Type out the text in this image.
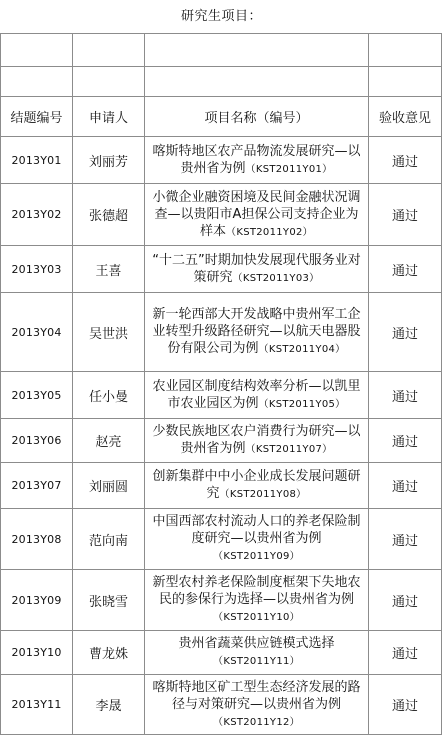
研究生项目：

结题编号	申请人	项目名称（编号）	验收意见
2013Y01	刘丽芳	喀斯特地区农产品物流发展研究—以贵州省为例（KST2011Y01）	通过
2013Y02	张德超	小微企业融资困境及民间金融状况调查—以贵阳市A担保公司支持企业为样本（KST2011Y02）	通过
2013Y03	王喜	“十二五”时期加快发展现代服务业对策研究（KST2011Y03）	通过
2013Y04	吴世洪	新一轮西部大开发战略中贵州军工企业转型升级路径研究—以航天电器股份有限公司为例（KST2011Y04）	通过
2013Y05	任小曼	农业园区制度结构效率分析—以凯里市农业园区为例（KST2011Y05）	通过
2013Y06	赵亮	少数民族地区农户消费行为研究—以贵州省为例（KST2011Y07）	通过
2013Y07	刘丽圆	创新集群中中小企业成长发展问题研究（KST2011Y08）	通过
2013Y08	范向南	中国西部农村流动人口的养老保险制度研究—以贵州省为例（KST2011Y09）	通过
2013Y09	张晓雪	新型农村养老保险制度框架下失地农民的参保行为选择—以贵州省为例（KST2011Y10）	通过
2013Y10	曹龙姝	贵州省蔬菜供应链模式选择（KST2011Y11）	通过
2013Y11	李晟	喀斯特地区矿工型生态经济发展的路径与对策研究—以贵州省为例（KST2011Y12）	通过
